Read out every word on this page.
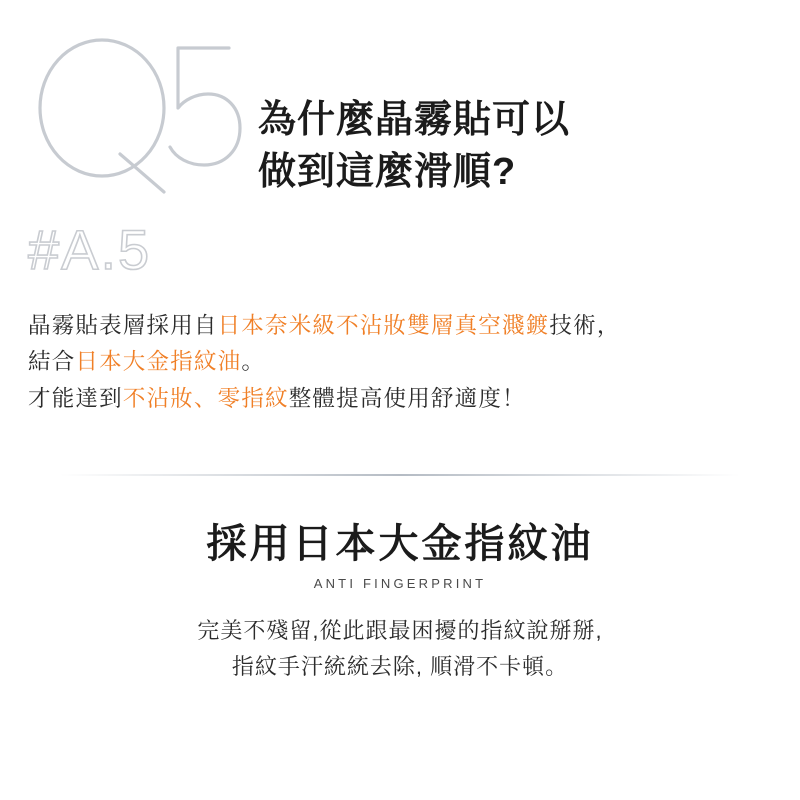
為什麼晶霧貼可以
做到這麼滑順?
#A.5
晶霧貼表層採用自日本奈米級不沾妝雙層真空濺鍍技術，
結合日本大金指紋油。
才能達到不沾妝、零指紋整體提高使用舒適度！
採用日本大金指紋油
ANTI FINGERPRINT
完美不殘留,從此跟最困擾的指紋說掰掰,
指紋手汗統統去除, 順滑不卡頓。
